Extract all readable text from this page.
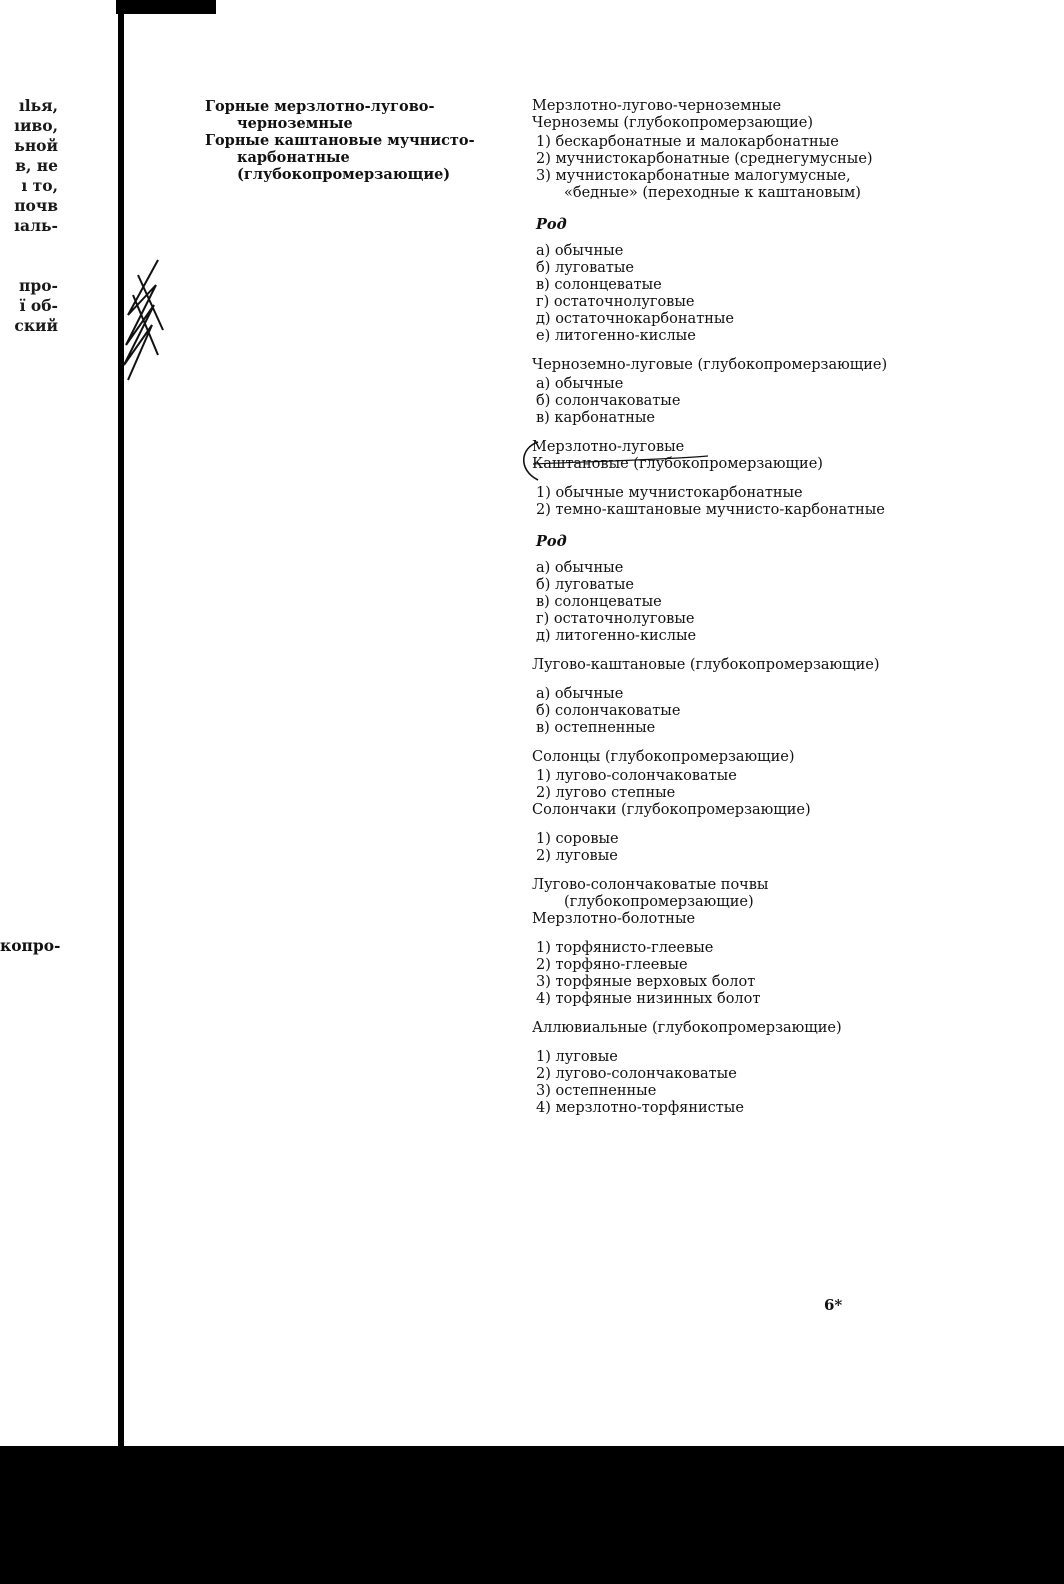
ılья,
ıиво,
ьной
в, не
ı то,
почв
ıаль-
про-
ї об-
ский
копро-

Горные мерзлотно-лугово-черноземные

Горные каштановые мучнисто-карбонатные (глубокопромерзающие)

Мерзлотно-лугово-черноземные

Черноземы (глубокопромерзающие)

1) бескарбонатные и малокарбонатные
2) мучнистокарбонатные (среднегумусные)
3) мучнистокарбонатные малогумусные, «бедные» (переходные к каштановым)

Род

а) обычные
б) луговатые
в) солонцеватые
г) остаточнолуговые
д) остаточнокарбонатные
е) литогенно-кислые

Черноземно-луговые (глубокопромерзающие)

а) обычные
б) солончаковатые
в) карбонатные

Мерзлотно-луговые

Каштановые (глубокопромерзающие)

1) обычные мучнистокарбонатные
2) темно-каштановые мучнисто-карбонатные

Род

а) обычные
б) луговатые
в) солонцеватые
г) остаточнолуговые
д) литогенно-кислые

Лугово-каштановые (глубокопромерзающие)

а) обычные
б) солончаковатые
в) остепненные

Солонцы (глубокопромерзающие)

1) лугово-солончаковатые
2) лугово степные

Солончаки (глубокопромерзающие)

1) соровые
2) луговые

Лугово-солончаковатые почвы (глубокопромерзающие)

Мерзлотно-болотные

1) торфянисто-глеевые
2) торфяно-глеевые
3) торфяные верховых болот
4) торфяные низинных болот

Аллювиальные (глубокопромерзающие)

1) луговые
2) лугово-солончаковатые
3) остепненные
4) мерзлотно-торфянистые
6*
